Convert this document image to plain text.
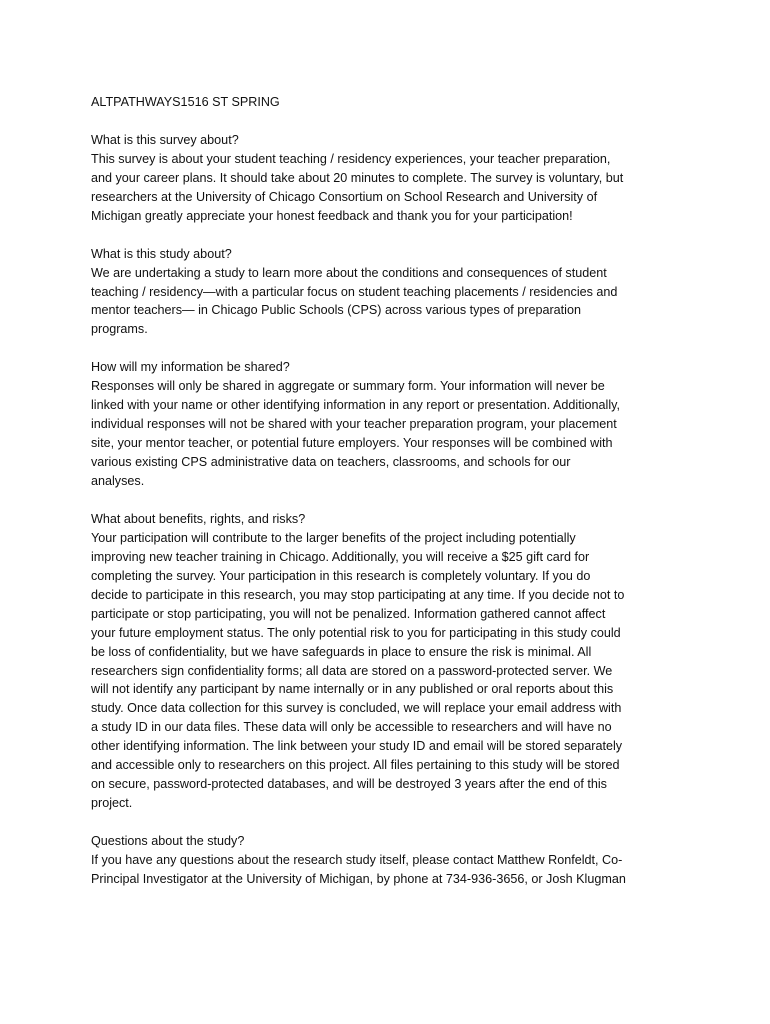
ALTPATHWAYS1516 ST SPRING

What is this survey about?

This survey is about your student teaching / residency experiences, your teacher preparation,
and your career plans. It should take about 20 minutes to complete. The survey is voluntary, but
researchers at the University of Chicago Consortium on School Research and University of
Michigan greatly appreciate your honest feedback and thank you for your participation!

What is this study about?

We are undertaking a study to learn more about the conditions and consequences of student
teaching / residency—with a particular focus on student teaching placements / residencies and
mentor teachers— in Chicago Public Schools (CPS) across various types of preparation
programs.

How will my information be shared?

Responses will only be shared in aggregate or summary form. Your information will never be
linked with your name or other identifying information in any report or presentation. Additionally,
individual responses will not be shared with your teacher preparation program, your placement
site, your mentor teacher, or potential future employers. Your responses will be combined with
various existing CPS administrative data on teachers, classrooms, and schools for our
analyses.

What about benefits, rights, and risks?

Your participation will contribute to the larger benefits of the project including potentially
improving new teacher training in Chicago. Additionally, you will receive a $25 gift card for
completing the survey. Your participation in this research is completely voluntary. If you do
decide to participate in this research, you may stop participating at any time. If you decide not to
participate or stop participating, you will not be penalized. Information gathered cannot affect
your future employment status. The only potential risk to you for participating in this study could
be loss of confidentiality, but we have safeguards in place to ensure the risk is minimal. All
researchers sign confidentiality forms; all data are stored on a password-protected server. We
will not identify any participant by name internally or in any published or oral reports about this
study. Once data collection for this survey is concluded, we will replace your email address with
a study ID in our data files. These data will only be accessible to researchers and will have no
other identifying information. The link between your study ID and email will be stored separately
and accessible only to researchers on this project. All files pertaining to this study will be stored
on secure, password-protected databases, and will be destroyed 3 years after the end of this
project.

Questions about the study?

If you have any questions about the research study itself, please contact Matthew Ronfeldt, Co-
Principal Investigator at the University of Michigan, by phone at 734-936-3656, or Josh Klugman
